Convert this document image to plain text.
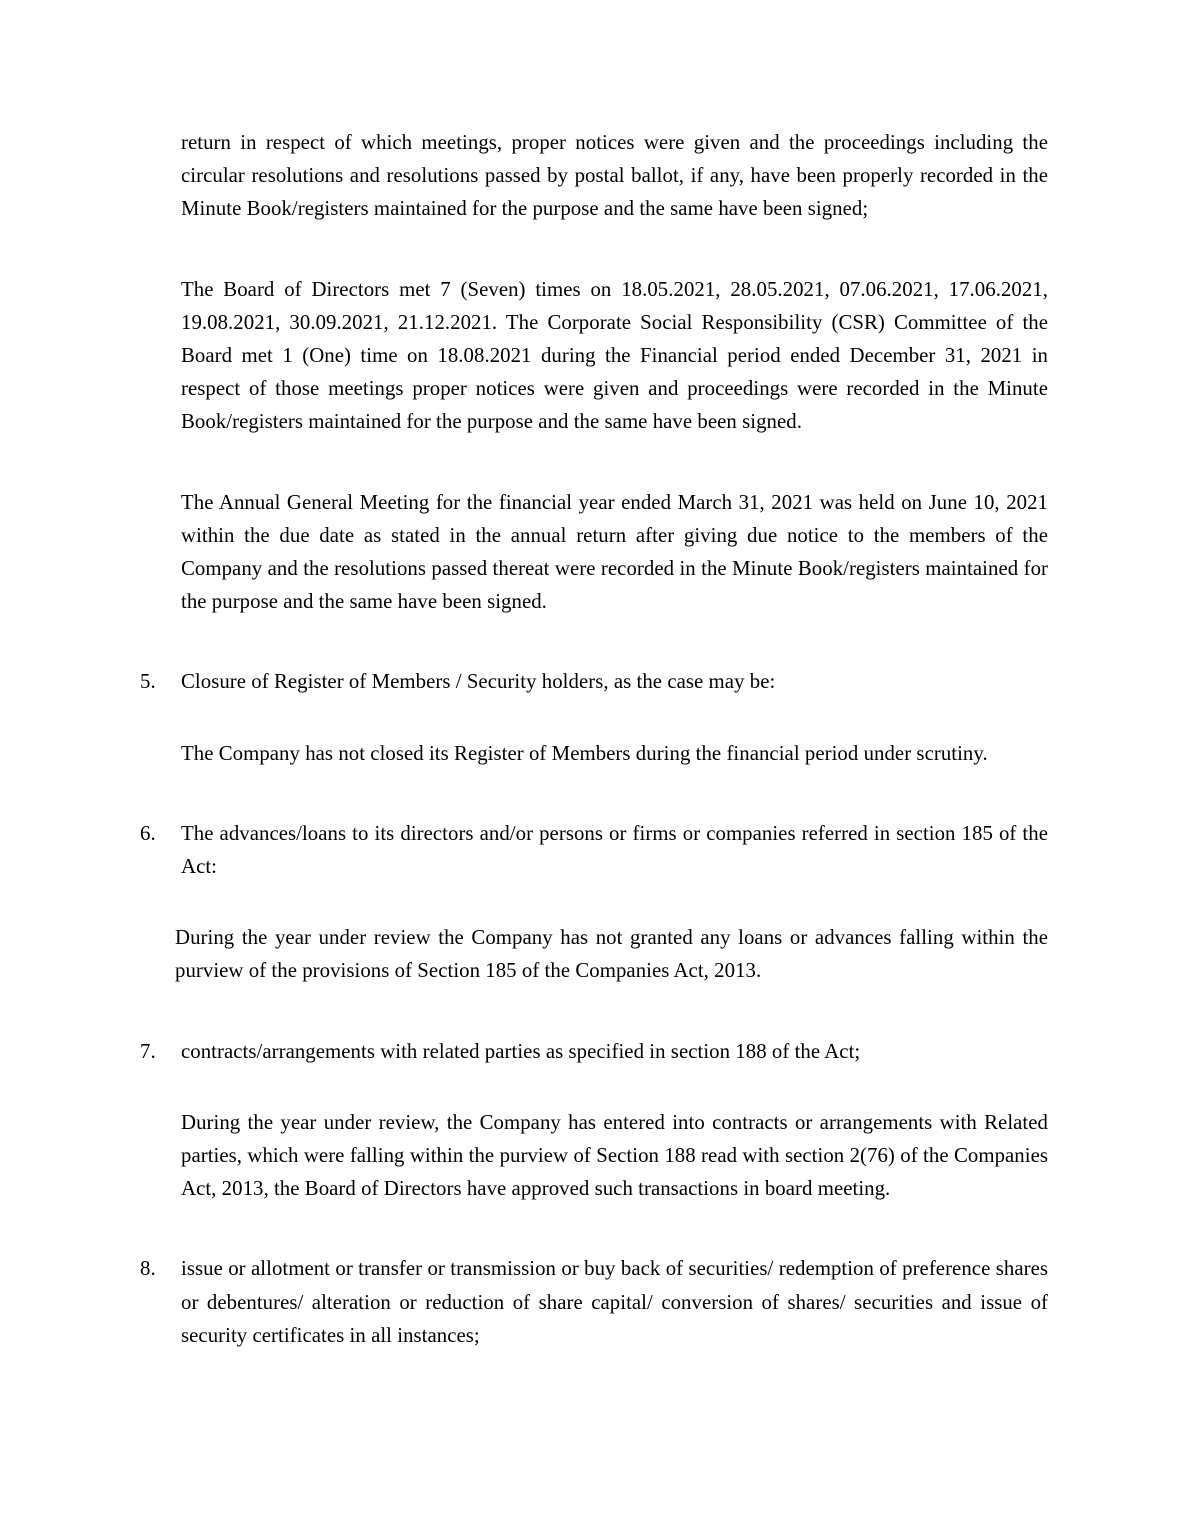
return in respect of which meetings, proper notices were given and the proceedings including the circular resolutions and resolutions passed by postal ballot, if any, have been properly recorded in the Minute Book/registers maintained for the purpose and the same have been signed;

The Board of Directors met 7 (Seven) times on 18.05.2021, 28.05.2021, 07.06.2021, 17.06.2021, 19.08.2021, 30.09.2021, 21.12.2021. The Corporate Social Responsibility (CSR) Committee of the Board met 1 (One) time on 18.08.2021 during the Financial period ended December 31, 2021 in respect of those meetings proper notices were given and proceedings were recorded in the Minute Book/registers maintained for the purpose and the same have been signed.

The Annual General Meeting for the financial year ended March 31, 2021 was held on June 10, 2021 within the due date as stated in the annual return after giving due notice to the members of the Company and the resolutions passed thereat were recorded in the Minute Book/registers maintained for the purpose and the same have been signed.

5.	Closure of Register of Members / Security holders, as the case may be:

The Company has not closed its Register of Members during the financial period under scrutiny.

6.	The advances/loans to its directors and/or persons or firms or companies referred in section 185 of the Act:

During the year under review the Company has not granted any loans or advances falling within the purview of the provisions of Section 185 of the Companies Act, 2013.

7.	contracts/arrangements with related parties as specified in section 188 of the Act;

During the year under review, the Company has entered into contracts or arrangements with Related parties, which were falling within the purview of Section 188 read with section 2(76) of the Companies Act, 2013, the Board of Directors have approved such transactions in board meeting.

8.	issue or allotment or transfer or transmission or buy back of securities/ redemption of preference shares or debentures/ alteration or reduction of share capital/ conversion of shares/ securities and issue of security certificates in all instances;
